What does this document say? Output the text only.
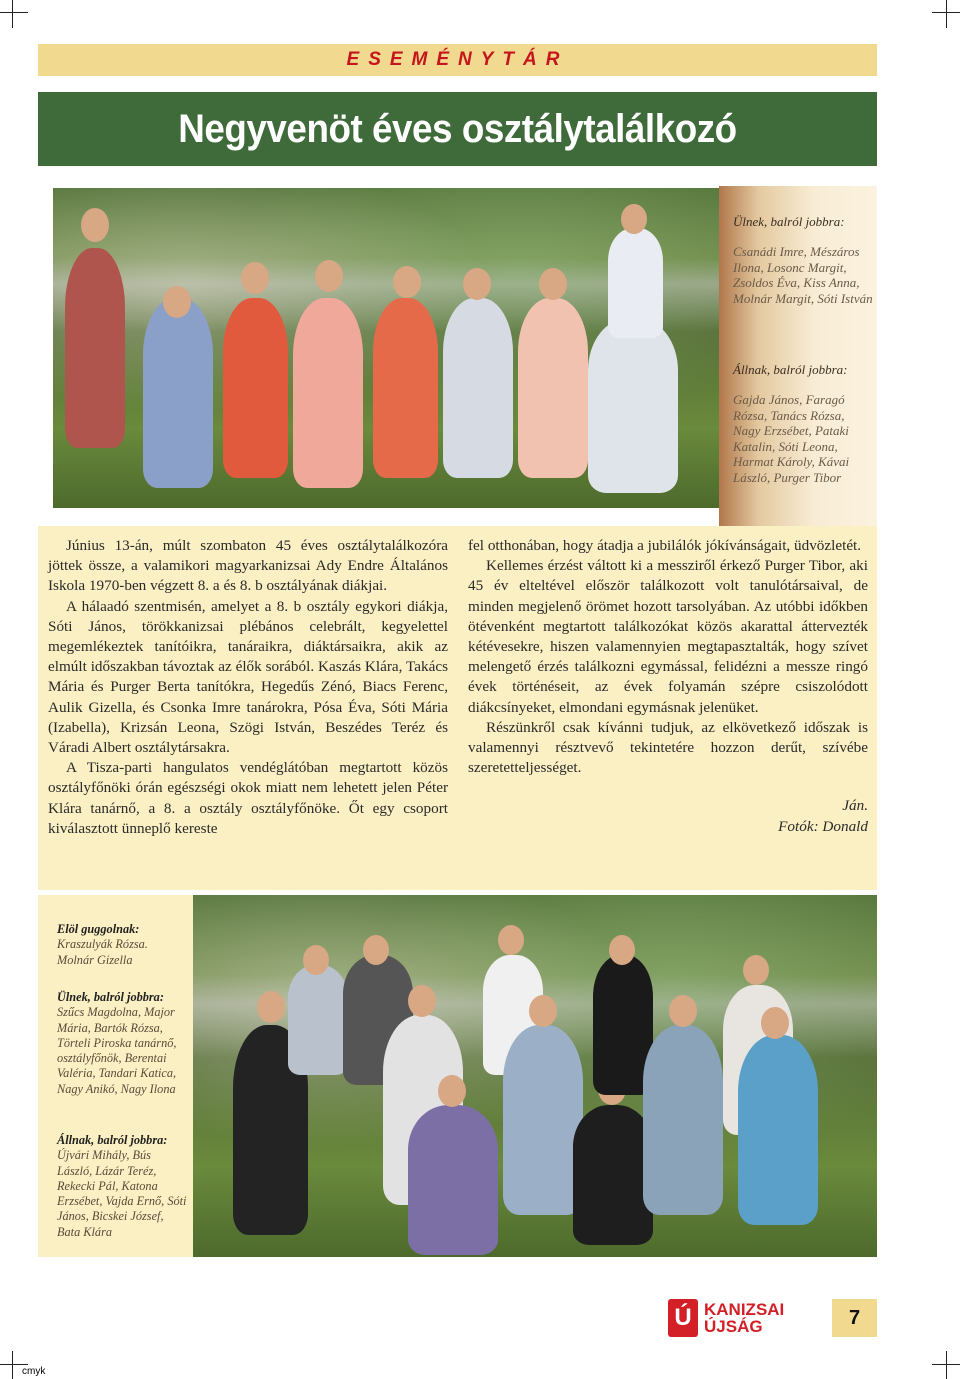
ESEMÉNYTÁR
Negyvenöt éves osztálytalálkozó
Ülnek, balról jobbra:
Csanádi Imre, Mészáros Ilona, Losonc Margit, Zsoldos Éva, Kiss Anna, Molnár Margit, Sóti István
Állnak, balról jobbra:
Gajda János, Faragó Rózsa, Tanács Rózsa, Nagy Erzsébet, Pataki Katalin, Sóti Leona, Harmat Károly, Kávai László, Purger Tibor

Június 13-án, múlt szombaton 45 éves osztálytalálkozóra jöttek össze, a valamikori magyarkanizsai Ady Endre Általános Iskola 1970-ben végzett 8. a és 8. b osztályának diákjai.

A hálaadó szentmisén, amelyet a 8. b osztály egykori diákja, Sóti János, törökkanizsai plébános celebrált, kegyelettel megemlékeztek tanítóikra, tanáraikra, diáktársaikra, akik az elmúlt időszakban távoztak az élők sorából. Kaszás Klára, Takács Mária és Purger Berta tanítókra, Hegedűs Zénó, Biacs Ferenc, Aulik Gizella, és Csonka Imre tanárokra, Pósa Éva, Sóti Mária (Izabella), Krizsán Leona, Szögi István, Beszédes Teréz és Váradi Albert osztálytársakra.

A Tisza-parti hangulatos vendéglátóban megtartott közös osztályfőnöki órán egészségi okok miatt nem lehetett jelen Péter Klára tanárnő, a 8. a osztály osztályfőnöke. Őt egy csoport kiválasztott ünneplő kereste

fel otthonában, hogy átadja a jubilálók jókívánságait, üdvözletét.

Kellemes érzést váltott ki a messziről érkező Purger Tibor, aki 45 év elteltével először találkozott volt tanulótársaival, de minden megjelenő örömet hozott tarsolyában. Az utóbbi időkben ötévenként megtartott találkozókat közös akarattal áttervezték kétévesekre, hiszen valamennyien megtapasztalták, hogy szívet melengető érzés találkozni egymással, felidézni a messze ringó évek történéseit, az évek folyamán szépre csiszolódott diákcsínyeket, elmondani egymásnak jelenüket.

Részünkről csak kívánni tudjuk, az elkövetkező időszak is valamennyi résztvevő tekintetére hozzon derűt, szívébe szeretetteljességet.

Ján.

Fotók: Donald

Elöl guggolnak:
Kraszulyák Rózsa. Molnár Gizella
Ülnek, balról jobbra:
Szűcs Magdolna, Major Mária, Bartók Rózsa, Törteli Piroska tanárnő, osztályfőnök, Berentai Valéria, Tandari Katica, Nagy Anikó, Nagy Ilona
Állnak, balról jobbra:
Újvári Mihály, Bús László, Lázár Teréz, Rekecki Pál, Katona Erzsébet, Vajda Ernő, Sóti János, Bicskei József, Bata Klára
Ú KANIZSAI
ÚJSÁG	7
cmyk
